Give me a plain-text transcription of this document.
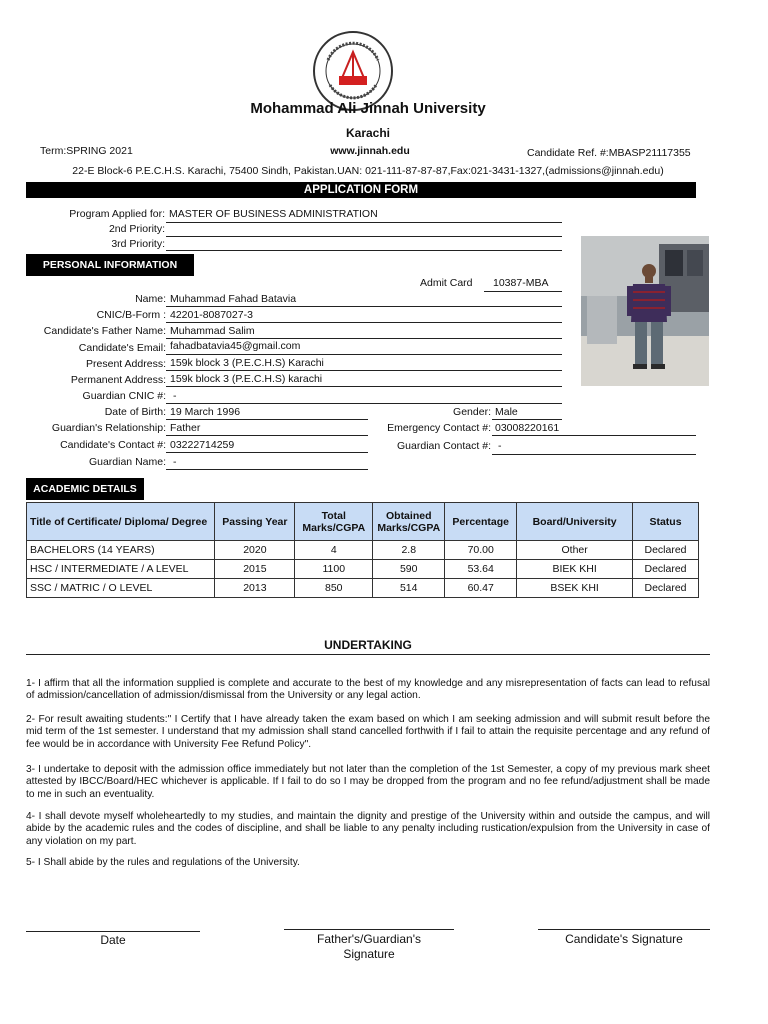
Mohammad Ali Jinnah University
Karachi
Term:SPRING 2021	www.jinnah.edu	Candidate Ref. #:MBASP21117355
22-E Block-6 P.E.C.H.S. Karachi, 75400 Sindh, Pakistan.UAN: 021-111-87-87-87,Fax:021-3431-1327,(admissions@jinnah.edu)
APPLICATION FORM
Program Applied for: MASTER OF BUSINESS ADMINISTRATION
2nd Priority:
3rd Priority:
PERSONAL INFORMATION
Admit Card 10387-MBA
Name: Muhammad Fahad Batavia
CNIC/B-Form : 42201-8087027-3
Candidate's Father Name: Muhammad Salim
Candidate's Email: fahadbatavia45@gmail.com
Present Address: 159k block 3 (P.E.C.H.S) Karachi
Permanent Address: 159k block 3 (P.E.C.H.S) karachi
Guardian CNIC #: -
Date of Birth: 19 March 1996	Gender: Male
Guardian's Relationship: Father	Emergency Contact #: 03008220161
Candidate's Contact #: 03222714259	Guardian Contact #: -
Guardian Name: -
ACADEMIC DETAILS
Title of Certificate/ Diploma/ Degree	Passing Year	Total Marks/CGPA	Obtained Marks/CGPA	Percentage	Board/University	Status
BACHELORS (14 YEARS)	2020	4	2.8	70.00	Other	Declared
HSC / INTERMEDIATE / A LEVEL	2015	1100	590	53.64	BIEK KHI	Declared
SSC / MATRIC / O LEVEL	2013	850	514	60.47	BSEK KHI	Declared
UNDERTAKING
1- I affirm that all the information supplied is complete and accurate to the best of my knowledge and any misrepresentation of facts can lead to refusal of admission/cancellation of admission/dismissal from the University or any legal action.
2- For result awaiting students:" I Certify that I have already taken the exam based on which I am seeking admission and will submit result before the mid term of the 1st semester. I understand that my admission shall stand cancelled forthwith if I fail to attain the requisite percentage and any refund of fee would be in accordance with University Fee Refund Policy".
3- I undertake to deposit with the admission office immediately but not later than the completion of the 1st Semester, a copy of my previous mark sheet attested by IBCC/Board/HEC whichever is applicable. If I fail to do so I may be dropped from the program and no fee refund/adjustment shall be made to me in such an eventuality.
4- I shall devote myself wholeheartedly to my studies, and maintain the dignity and prestige of the University within and outside the campus, and will abide by the academic rules and the codes of discipline, and shall be liable to any penalty including rustication/expulsion from the University in case of any violation on my part.
5- I Shall abide by the rules and regulations of the University.
Date	Father's/Guardian's Signature
Candidate's Signature
